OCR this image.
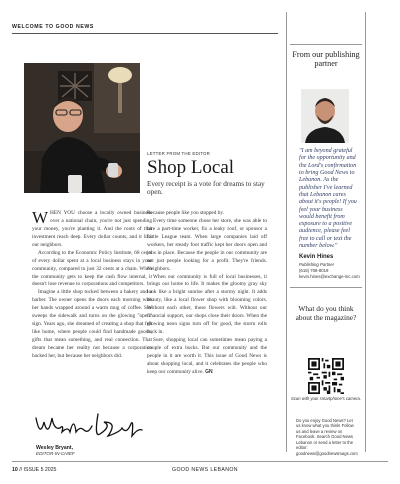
WELCOME TO GOOD NEWS
LETTER FROM THE EDITOR
Shop Local
Every receipt is a vote for dreams to stay open.

WHEN YOU choose a locally owned business over a national chain, you're not just spending your money, you're planting it. And the roots of that investment reach deep. Every dollar counts, and it lifts our neighbors.

According to the Economic Policy Institute, 68 cents of every dollar spent at a local business stays in your community, compared to just 32 cents at a chain. When the community gets to keep the cash flow internal, it doesn't lose revenue to corporations and competitors.

Imagine a little shop tucked between a bakery and a barber. The owner opens the doors each morning with her hands wrapped around a warm mug of coffee. She sweeps the sidewalk and turns on the glowing "open" sign. Years ago, she dreamed of creating a shop that felt like home, where people could find handmade goods, gifts that mean something, and real connection. That dream became her reality not because a corporation backed her, but because her neighbors did.

Because people like you stopped by.

Every time someone chose her store, she was able to hire a part-time worker, fix a leaky roof, or sponsor a Little League team. When large companies laid off workers, her steady foot traffic kept her doors open and jobs in place. Because the people in our community are not just people looking for a profit. They're friends. Neighbors.

When our community is full of local businesses, it brings our home to life. It makes the gloomy gray sky look like a bright sunrise after a stormy night. It adds beauty, like a local flower shop with blooming colors. Without each other, those flowers wilt. Without our financial support, our shops close their doors. When the glowing neon signs turn off for good, the storm rolls back in.

Sure, shopping local can sometimes mean paying a couple of extra bucks. But our community and the people in it are worth it. This issue of Good News is about shopping local, and it celebrates the people who keep our community alive. GN

Wesley Bryant,
EDITOR-IN-CHIEF
From our publishing partner
"I am beyond grateful for the opportunity and the Lord's confirmation to bring Good News to Lebanon. As the publisher I've learned that Lebanon cares about it's people! If you feel your business would benefit from exposure to a positive audience, please feel free to call or text the number below."
Kevin Hines
Publishing Partner
(615) 708-8019
kevin.hines@exchange-inc.com
What do you think about the magazine?
Scan with your smartphone's camera.
Do you enjoy Good News? Let us know what you think! Follow us and leave a review on Facebook. Search Good News Lebanon or send a letter to the editor: goodnews@goodnewsmags.com
10 // ISSUE 5 2025	GOOD NEWS LEBANON
